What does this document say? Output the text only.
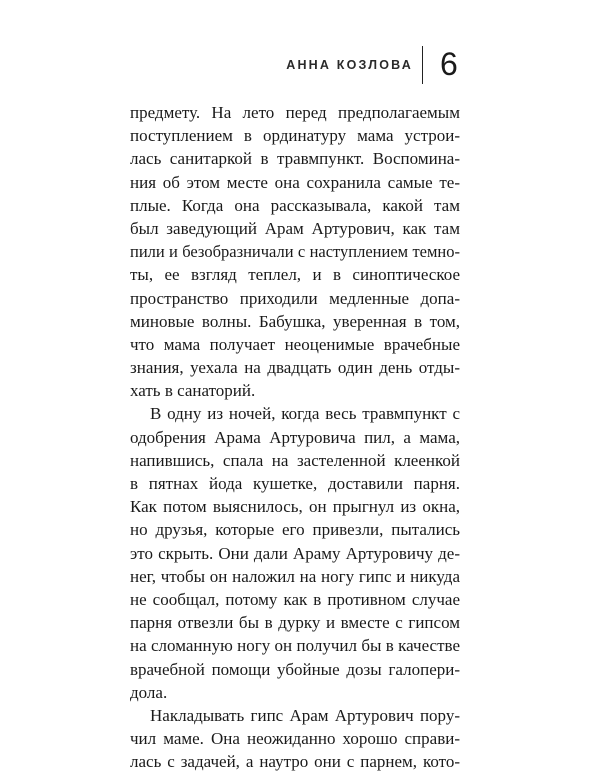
АННА КОЗЛОВА 6
предмету. На лето перед предполагаемым
поступлением в ординатуру мама устрои-
лась санитаркой в травмпункт. Воспомина-
ния об этом месте она сохранила самые те-
плые. Когда она рассказывала, какой там
был заведующий Арам Артурович, как там
пили и безобразничали с наступлением темно-
ты, ее взгляд теплел, и в синоптическое
пространство приходили медленные допа-
миновые волны. Бабушка, уверенная в том,
что мама получает неоценимые врачебные
знания, уехала на двадцать один день отды-
хать в санаторий.
В одну из ночей, когда весь травмпункт с
одобрения Арама Артуровича пил, а мама,
напившись, спала на застеленной клеенкой
в пятнах йода кушетке, доставили парня.
Как потом выяснилось, он прыгнул из окна,
но друзья, которые его привезли, пытались
это скрыть. Они дали Араму Артуровичу де-
нег, чтобы он наложил на ногу гипс и никуда
не сообщал, потому как в противном случае
парня отвезли бы в дурку и вместе с гипсом
на сломанную ногу он получил бы в качестве
врачебной помощи убойные дозы галопери-
дола.
Накладывать гипс Арам Артурович пору-
чил маме. Она неожиданно хорошо справи-
лась с задачей, а наутро они с парнем, кото-
